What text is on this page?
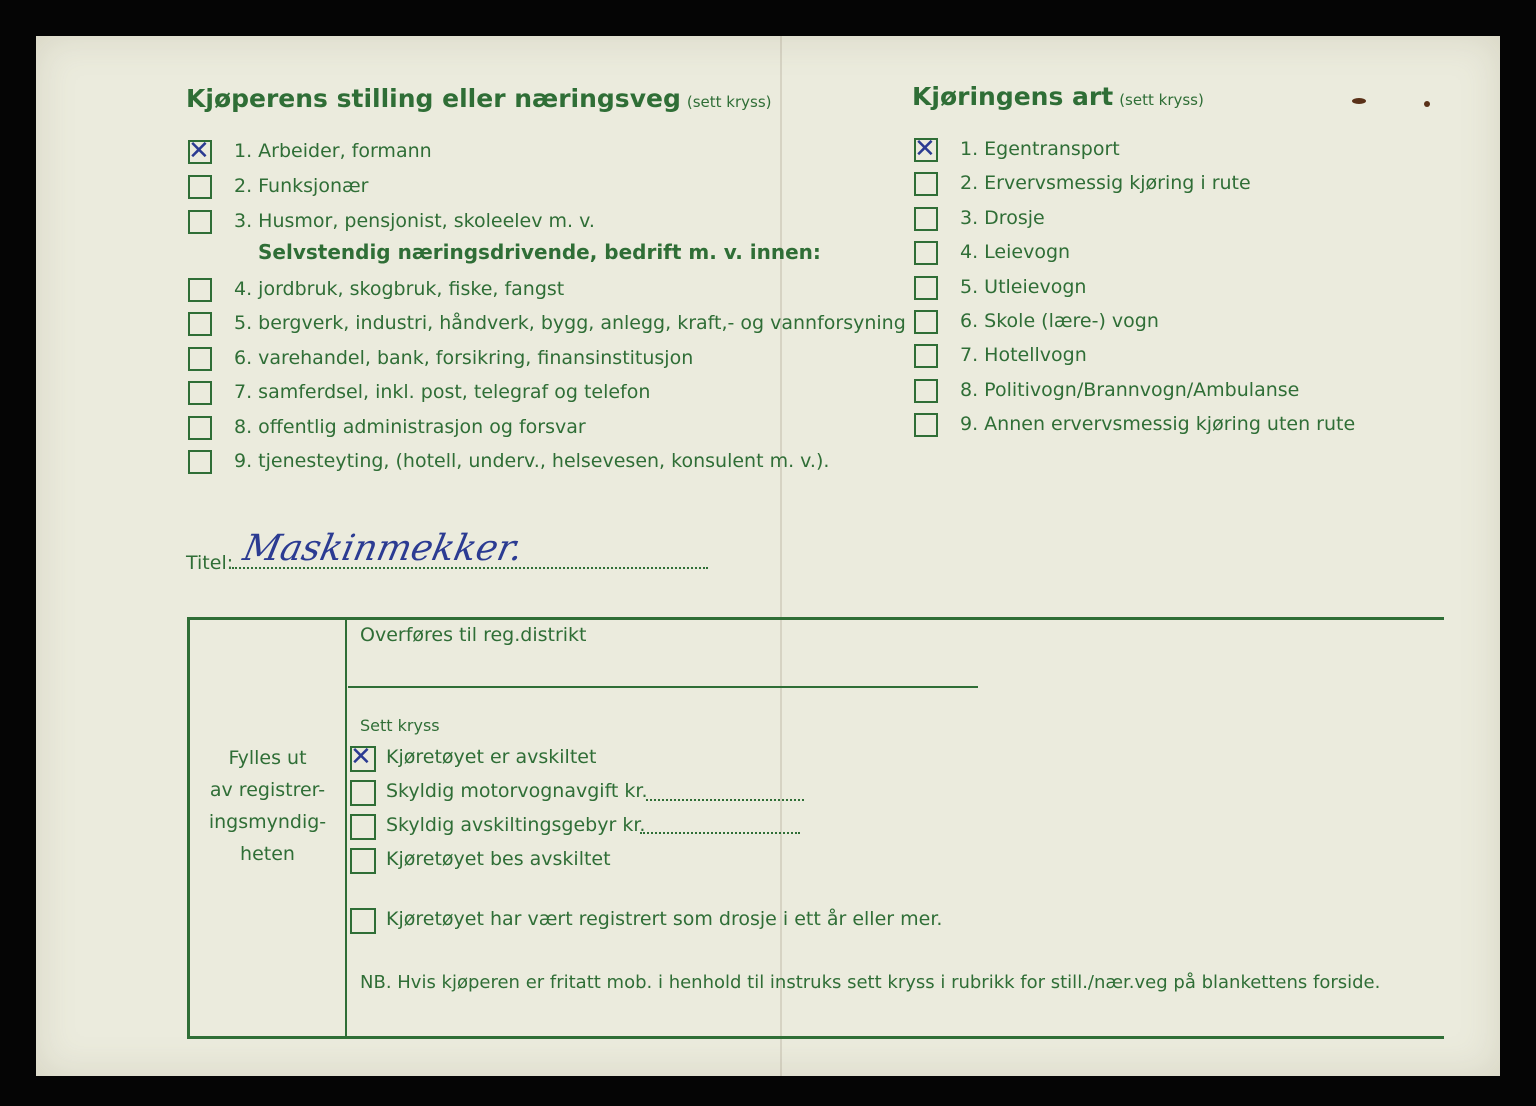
Kjøperens stilling eller næringsveg (sett kryss)
✕ 1. Arbeider, formann
2. Funksjonær
3. Husmor, pensjonist, skoleelev m. v.
Selvstendig næringsdrivende, bedrift m. v. innen:
4. jordbruk, skogbruk, fiske, fangst
5. bergverk, industri, håndverk, bygg, anlegg, kraft,- og vannforsyning
6. varehandel, bank, forsikring, finansinstitusjon
7. samferdsel, inkl. post, telegraf og telefon
8. offentlig administrasjon og forsvar
9. tjenesteyting, (hotell, underv., helsevesen, konsulent m. v.).
Kjøringens art (sett kryss)
✕ 1. Egentransport
2. Ervervsmessig kjøring i rute
3. Drosje
4. Leievogn
5. Utleievogn
6. Skole (lære-) vogn
7. Hotellvogn
8. Politivogn/Brannvogn/Ambulanse
9. Annen ervervsmessig kjøring uten rute
Titel: Maskinmekker.
Fylles ut
av registrer-
ingsmyndig-
heten
Overføres til reg.distrikt
Sett kryss
✕ Kjøretøyet er avskiltet
Skyldig motorvognavgift kr.
Skyldig avskiltingsgebyr kr.
Kjøretøyet bes avskiltet
Kjøretøyet har vært registrert som drosje i ett år eller mer.
NB. Hvis kjøperen er fritatt mob. i henhold til instruks sett kryss i rubrikk for still./nær.veg på blankettens forside.
